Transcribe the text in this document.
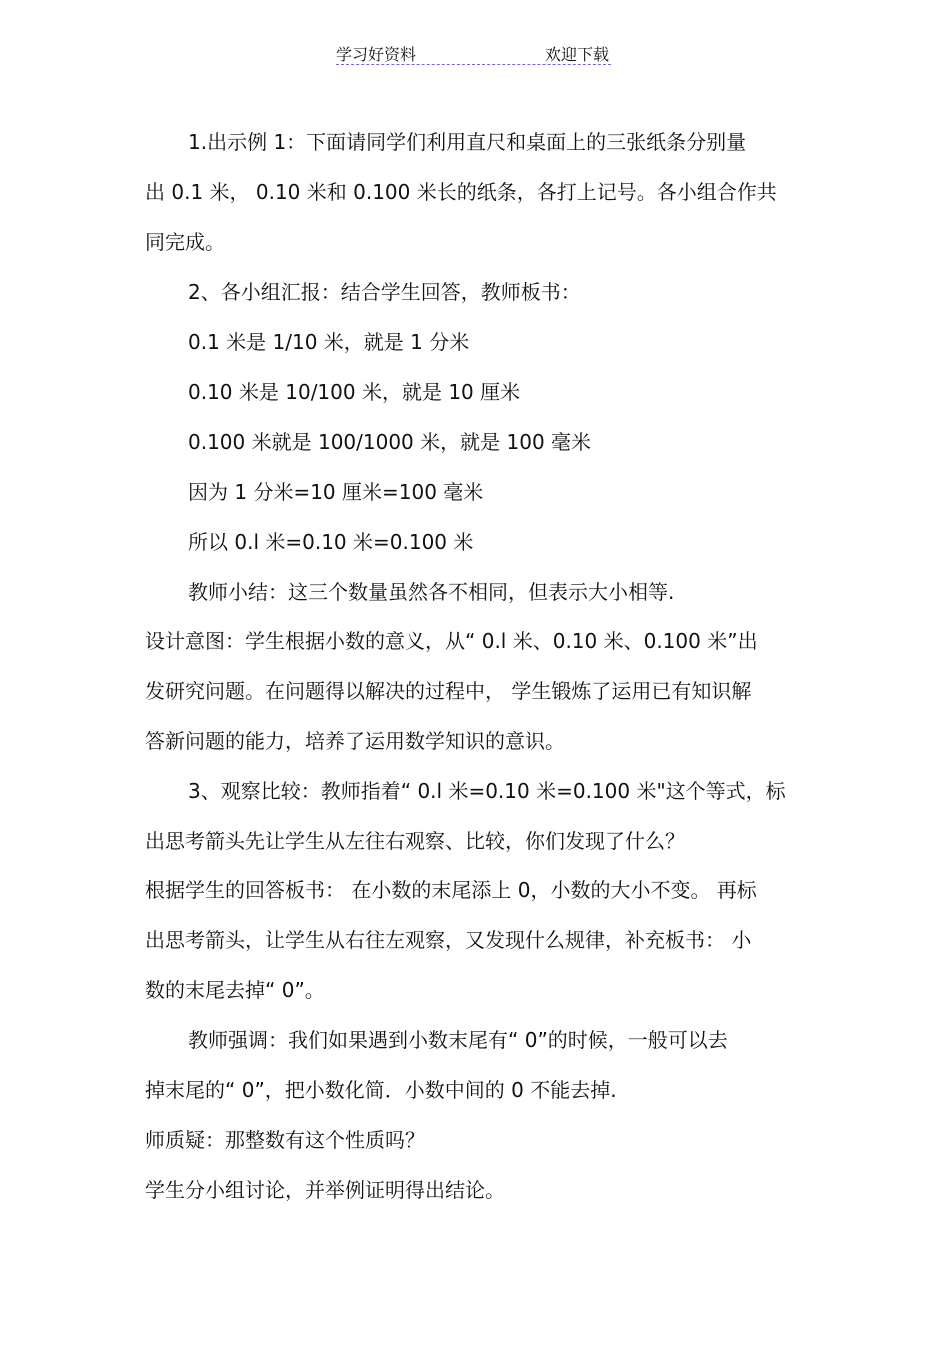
学习好资料	欢迎下载
1.出示例 1：下面请同学们利用直尺和桌面上的三张纸条分别量
出 0.1 米， 0.10 米和 0.100 米长的纸条，各打上记号。各小组合作共
同完成。
2、各小组汇报：结合学生回答，教师板书：
0.1 米是 1/10 米，就是 1 分米
0.10 米是 10/100 米，就是 10 厘米
0.100 米就是 100/1000 米，就是 100 毫米
因为 1 分米=10 厘米=100 毫米
所以 0.l 米=0.10 米=0.100 米
教师小结：这三个数量虽然各不相同，但表示大小相等.
设计意图：学生根据小数的意义，从“ 0.l 米、0.10 米、0.100 米”出
发研究问题。在问题得以解决的过程中， 学生锻炼了运用已有知识解
答新问题的能力，培养了运用数学知识的意识。
3、观察比较：教师指着“ 0.l 米=0.10 米=0.100 米"这个等式，标
出思考箭头先让学生从左往右观察、比较，你们发现了什么？
根据学生的回答板书： 在小数的末尾添上 0，小数的大小不变。 再标
出思考箭头，让学生从右往左观察，又发现什么规律，补充板书： 小
数的末尾去掉“ 0”。
教师强调：我们如果遇到小数末尾有“ 0”的时候，一般可以去
掉末尾的“ 0”，把小数化简．小数中间的 0 不能去掉.
师质疑：那整数有这个性质吗？
学生分小组讨论，并举例证明得出结论。
